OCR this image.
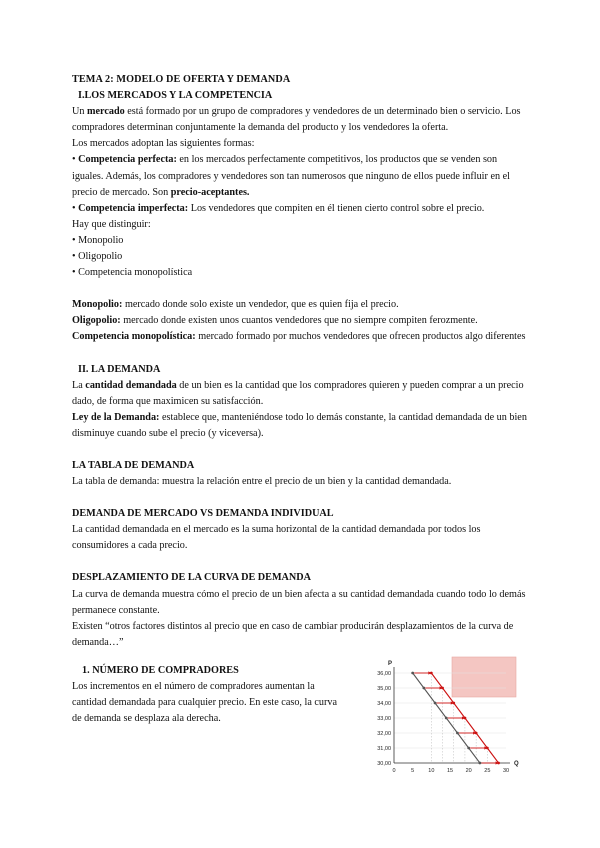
TEMA 2: MODELO DE OFERTA Y DEMANDA
I.LOS MERCADOS Y LA COMPETENCIA

Un mercado está formado por un grupo de compradores y vendedores de un determinado bien o servicio. Los compradores determinan conjuntamente la demanda del producto y los vendedores la oferta.

Los mercados adoptan las siguientes formas:

• Competencia perfecta: en los mercados perfectamente competitivos, los productos que se venden son iguales. Además, los compradores y vendedores son tan numerosos que ninguno de ellos puede influir en el precio de mercado. Son precio-aceptantes.

• Competencia imperfecta: Los vendedores que compiten en él tienen cierto control sobre el precio.

Hay que distinguir:

• Monopolio

• Oligopolio

• Competencia monopolística

Monopolio: mercado donde solo existe un vendedor, que es quien fija el precio.

Oligopolio: mercado donde existen unos cuantos vendedores que no siempre compiten ferozmente.

Competencia monopolística: mercado formado por muchos vendedores que ofrecen productos algo diferentes

II. LA DEMANDA

La cantidad demandada de un bien es la cantidad que los compradores quieren y pueden comprar a un precio dado, de forma que maximicen su satisfacción.

Ley de la Demanda: establece que, manteniéndose todo lo demás constante, la cantidad demandada de un bien disminuye cuando sube el precio (y viceversa).

LA TABLA DE DEMANDA

La tabla de demanda: muestra la relación entre el precio de un bien y la cantidad demandada.

DEMANDA DE MERCADO VS DEMANDA INDIVIDUAL

La cantidad demandada en el mercado es la suma horizontal de la cantidad demandada por todos los consumidores a cada precio.

DESPLAZAMIENTO DE LA CURVA DE DEMANDA

La curva de demanda muestra cómo el precio de un bien afecta a su cantidad demandada cuando todo lo demás permanece constante.

Existen “otros factores distintos al precio que en caso de cambiar producirán desplazamientos de la curva de demanda…”

1. NÚMERO DE COMPRADORES

Los incrementos en el número de compradores aumentan la cantidad demandada para cualquier precio. En este caso, la curva de demanda se desplaza ala derecha.

30,00
31,00
32,00
33,00
34,00
35,00
36,00
0	5	10 15 20 25 30
P
Q
